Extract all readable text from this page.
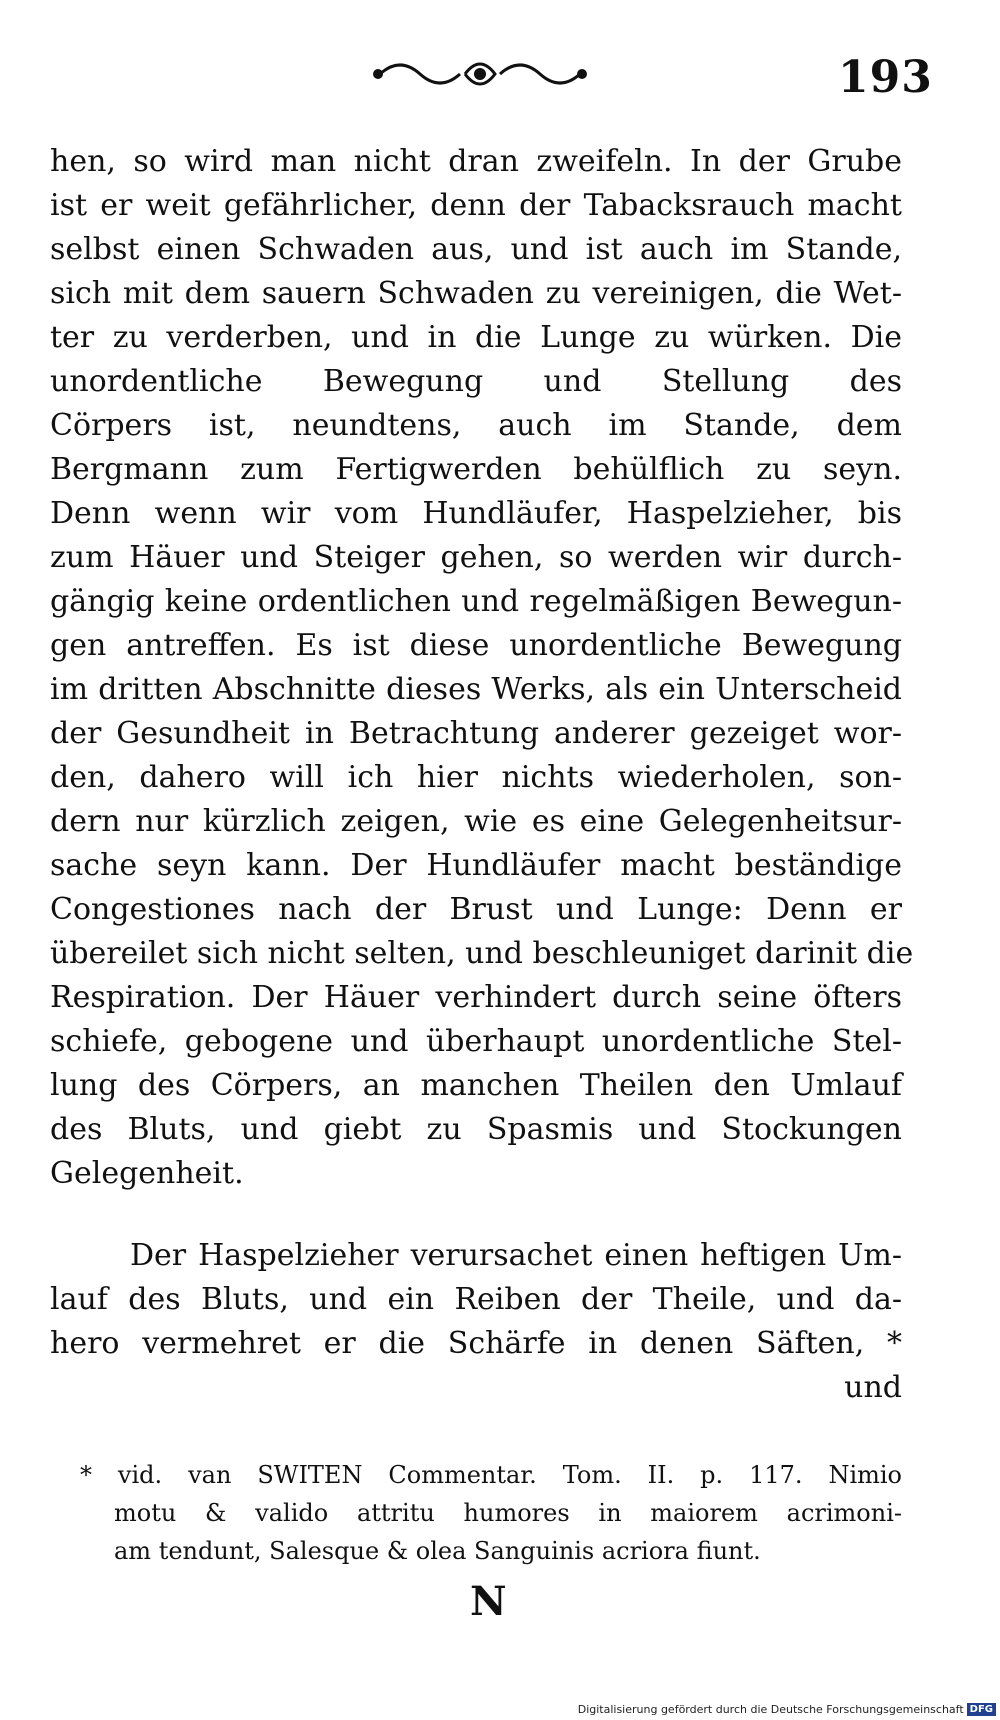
193
hen, so wird man nicht dran zweifeln. In der Grube
ist er weit gefährlicher, denn der Tabacksrauch macht
selbst einen Schwaden aus, und ist auch im Stande,
sich mit dem sauern Schwaden zu vereinigen, die Wet-
ter zu verderben, und in die Lunge zu würken. Die
unordentliche Bewegung und Stellung des
Cörpers ist, neundtens, auch im Stande, dem
Bergmann zum Fertigwerden behülflich zu seyn.
Denn wenn wir vom Hundläufer, Haspelzieher, bis
zum Häuer und Steiger gehen, so werden wir durch-
gängig keine ordentlichen und regelmäßigen Bewegun-
gen antreffen. Es ist diese unordentliche Bewegung
im dritten Abschnitte dieses Werks, als ein Unterscheid
der Gesundheit in Betrachtung anderer gezeiget wor-
den, dahero will ich hier nichts wiederholen, son-
dern nur kürzlich zeigen, wie es eine Gelegenheitsur-
sache seyn kann. Der Hundläufer macht beständige
Congestiones nach der Brust und Lunge: Denn er
übereilet sich nicht selten, und beschleuniget darinit die
Respiration. Der Häuer verhindert durch seine öfters
schiefe, gebogene und überhaupt unordentliche Stel-
lung des Cörpers, an manchen Theilen den Umlauf
des Bluts, und giebt zu Spasmis und Stockungen
Gelegenheit.
Der Haspelzieher verursachet einen heftigen Um-
lauf des Bluts, und ein Reiben der Theile, und da-
hero vermehret er die Schärfe in denen Säften, *
und
* vid. van SWITEN Commentar. Tom. II. p. 117. Nimio
motu & valido attritu humores in maiorem acrimoni-
am tendunt, Salesque & olea Sanguinis acriora fiunt.
N
Digitalisierung gefördert durch die Deutsche Forschungsgemeinschaft DFG
